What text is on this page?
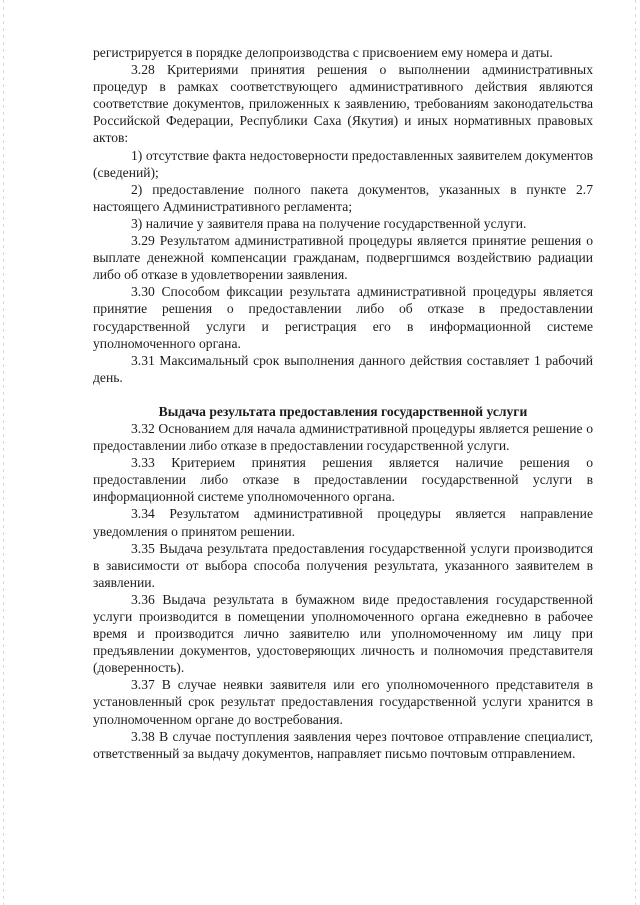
регистрируется в порядке делопроизводства с присвоением ему номера и даты.

3.28 Критериями принятия решения о выполнении административных процедур в рамках соответствующего административного действия являются соответствие документов, приложенных к заявлению, требованиям законодательства Российской Федерации, Республики Саха (Якутия) и иных нормативных правовых актов:

1) отсутствие факта недостоверности предоставленных заявителем документов (сведений);

2) предоставление полного пакета документов, указанных в пункте 2.7 настоящего Административного регламента;

3) наличие у заявителя права на получение государственной услуги.

3.29 Результатом административной процедуры является принятие решения о выплате денежной компенсации гражданам, подвергшимся воздействию радиации либо об отказе в удовлетворении заявления.

3.30 Способом фиксации результата административной процедуры является принятие решения о предоставлении либо об отказе в предоставлении государственной услуги и регистрация его в информационной системе уполномоченного органа.

3.31 Максимальный срок выполнения данного действия составляет 1 рабочий день.

Выдача результата предоставления государственной услуги

3.32 Основанием для начала административной процедуры является решение о предоставлении либо отказе в предоставлении государственной услуги.

3.33 Критерием принятия решения является наличие решения о предоставлении либо отказе в предоставлении государственной услуги в информационной системе уполномоченного органа.

3.34 Результатом административной процедуры является направление уведомления о принятом решении.

3.35 Выдача результата предоставления государственной услуги производится в зависимости от выбора способа получения результата, указанного заявителем в заявлении.

3.36 Выдача результата в бумажном виде предоставления государственной услуги производится в помещении уполномоченного органа ежедневно в рабочее время и производится лично заявителю или уполномоченному им лицу при предъявлении документов, удостоверяющих личность и полномочия представителя (доверенность).

3.37 В случае неявки заявителя или его уполномоченного представителя в установленный срок результат предоставления государственной услуги хранится в уполномоченном органе до востребования.

3.38 В случае поступления заявления через почтовое отправление специалист, ответственный за выдачу документов, направляет письмо почтовым отправлением.
